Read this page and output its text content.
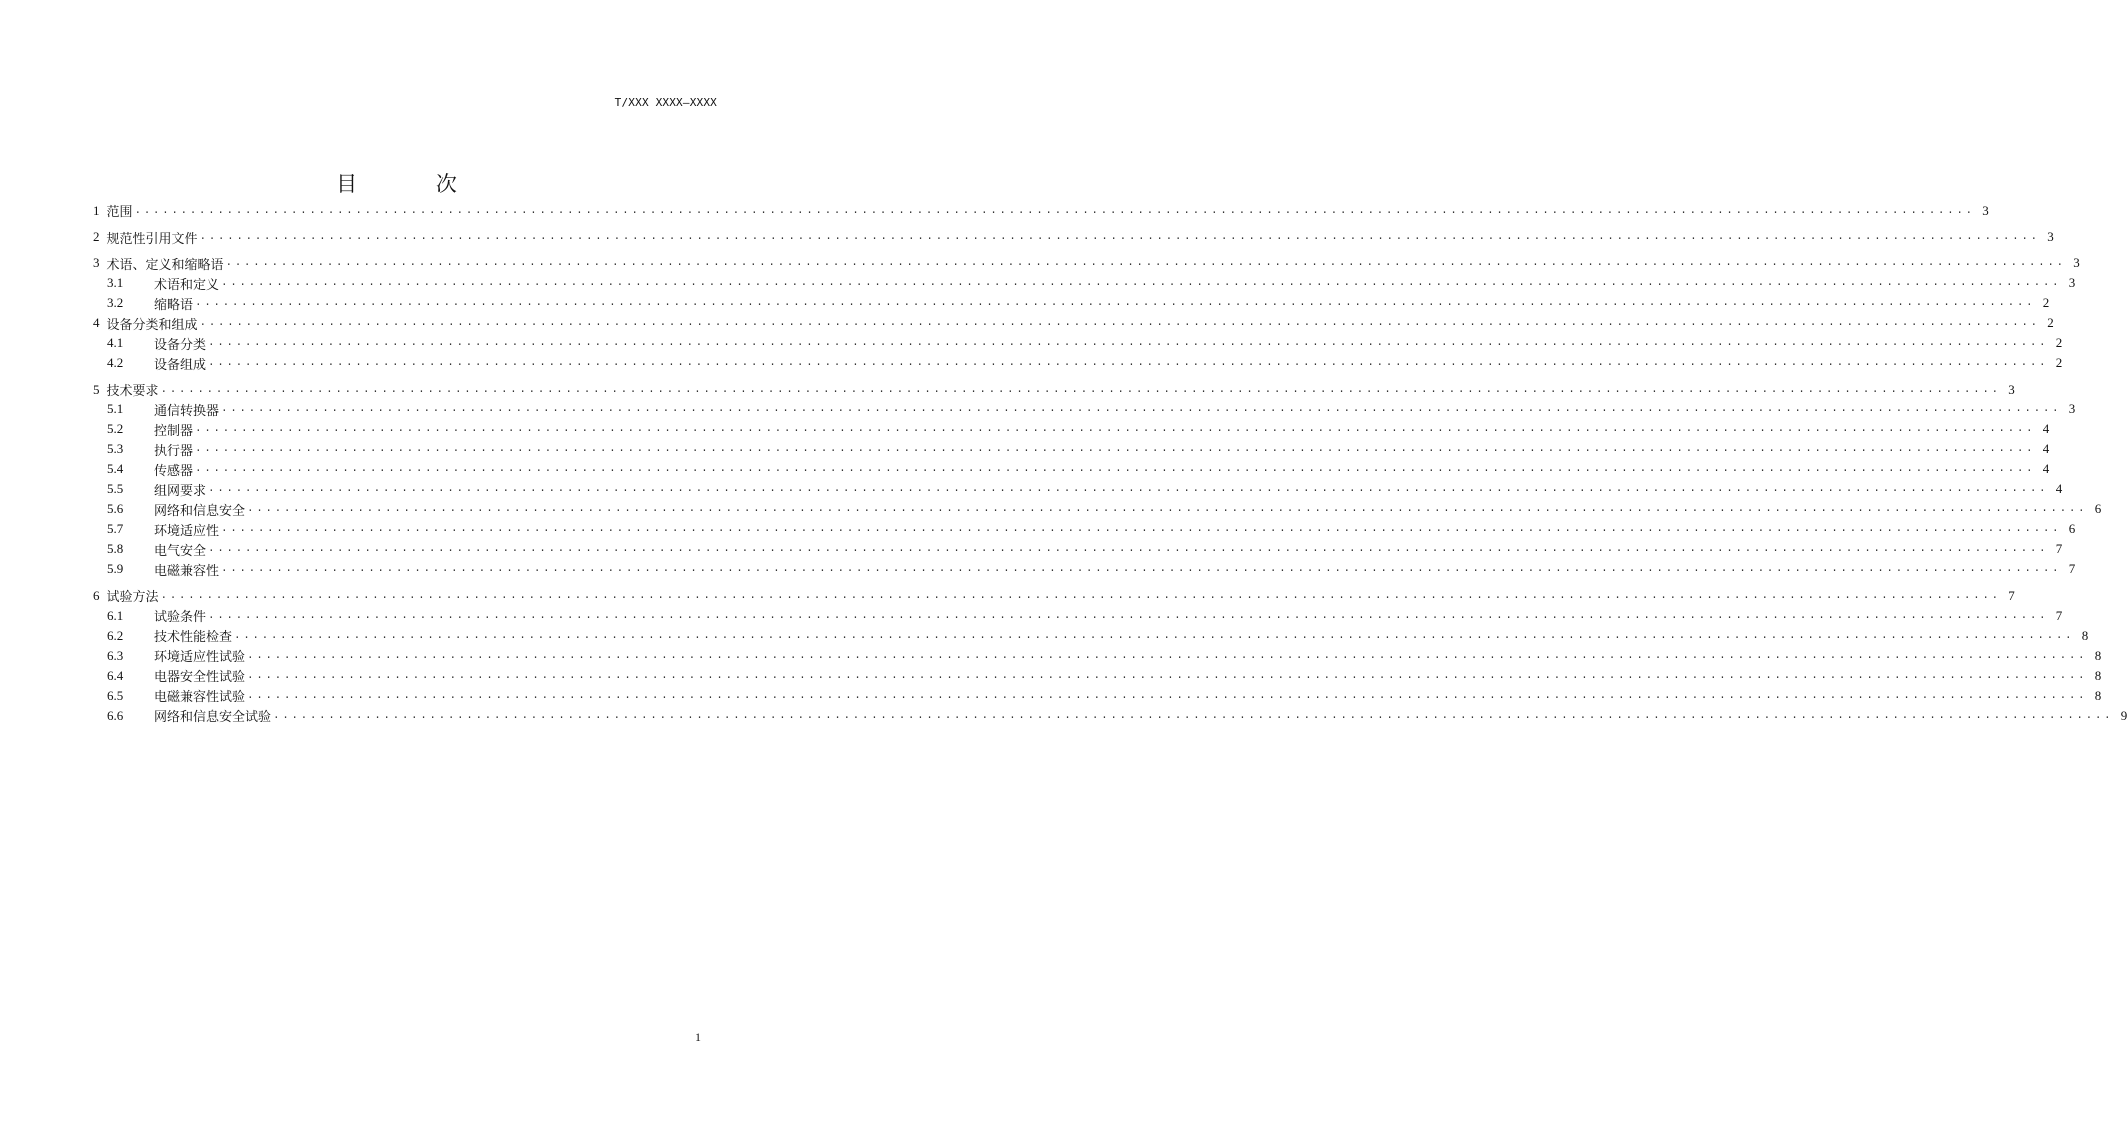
T/XXX XXXX—XXXX
目 次
1 范围 ........................................................................................................................................................................................................ 3
2 规范性引用文件 ........................................................................................................................................................................................................ 3
3 术语、定义和缩略语 ........................................................................................................................................................................................................ 3
3.1	术语和定义 ........................................................................................................................................................................................................ 3
3.2	缩略语 ........................................................................................................................................................................................................ 2
4 设备分类和组成 ........................................................................................................................................................................................................ 2
4.1	设备分类 ........................................................................................................................................................................................................ 2
4.2	设备组成 ........................................................................................................................................................................................................ 2
5 技术要求 ........................................................................................................................................................................................................ 3
5.1	通信转换器 ........................................................................................................................................................................................................ 3
5.2	控制器 ........................................................................................................................................................................................................ 4
5.3	执行器 ........................................................................................................................................................................................................ 4
5.4	传感器 ........................................................................................................................................................................................................ 4
5.5	组网要求 ........................................................................................................................................................................................................ 4
5.6	网络和信息安全 ........................................................................................................................................................................................................ 6
5.7	环境适应性 ........................................................................................................................................................................................................ 6
5.8	电气安全 ........................................................................................................................................................................................................ 7
5.9	电磁兼容性 ........................................................................................................................................................................................................ 7
6 试验方法 ........................................................................................................................................................................................................ 7
6.1	试验条件 ........................................................................................................................................................................................................ 7
6.2	技术性能检查 ........................................................................................................................................................................................................ 8
6.3	环境适应性试验 ........................................................................................................................................................................................................ 8
6.4	电器安全性试验 ........................................................................................................................................................................................................ 8
6.5	电磁兼容性试验 ........................................................................................................................................................................................................ 8
6.6	网络和信息安全试验 ........................................................................................................................................................................................................ 9
1
